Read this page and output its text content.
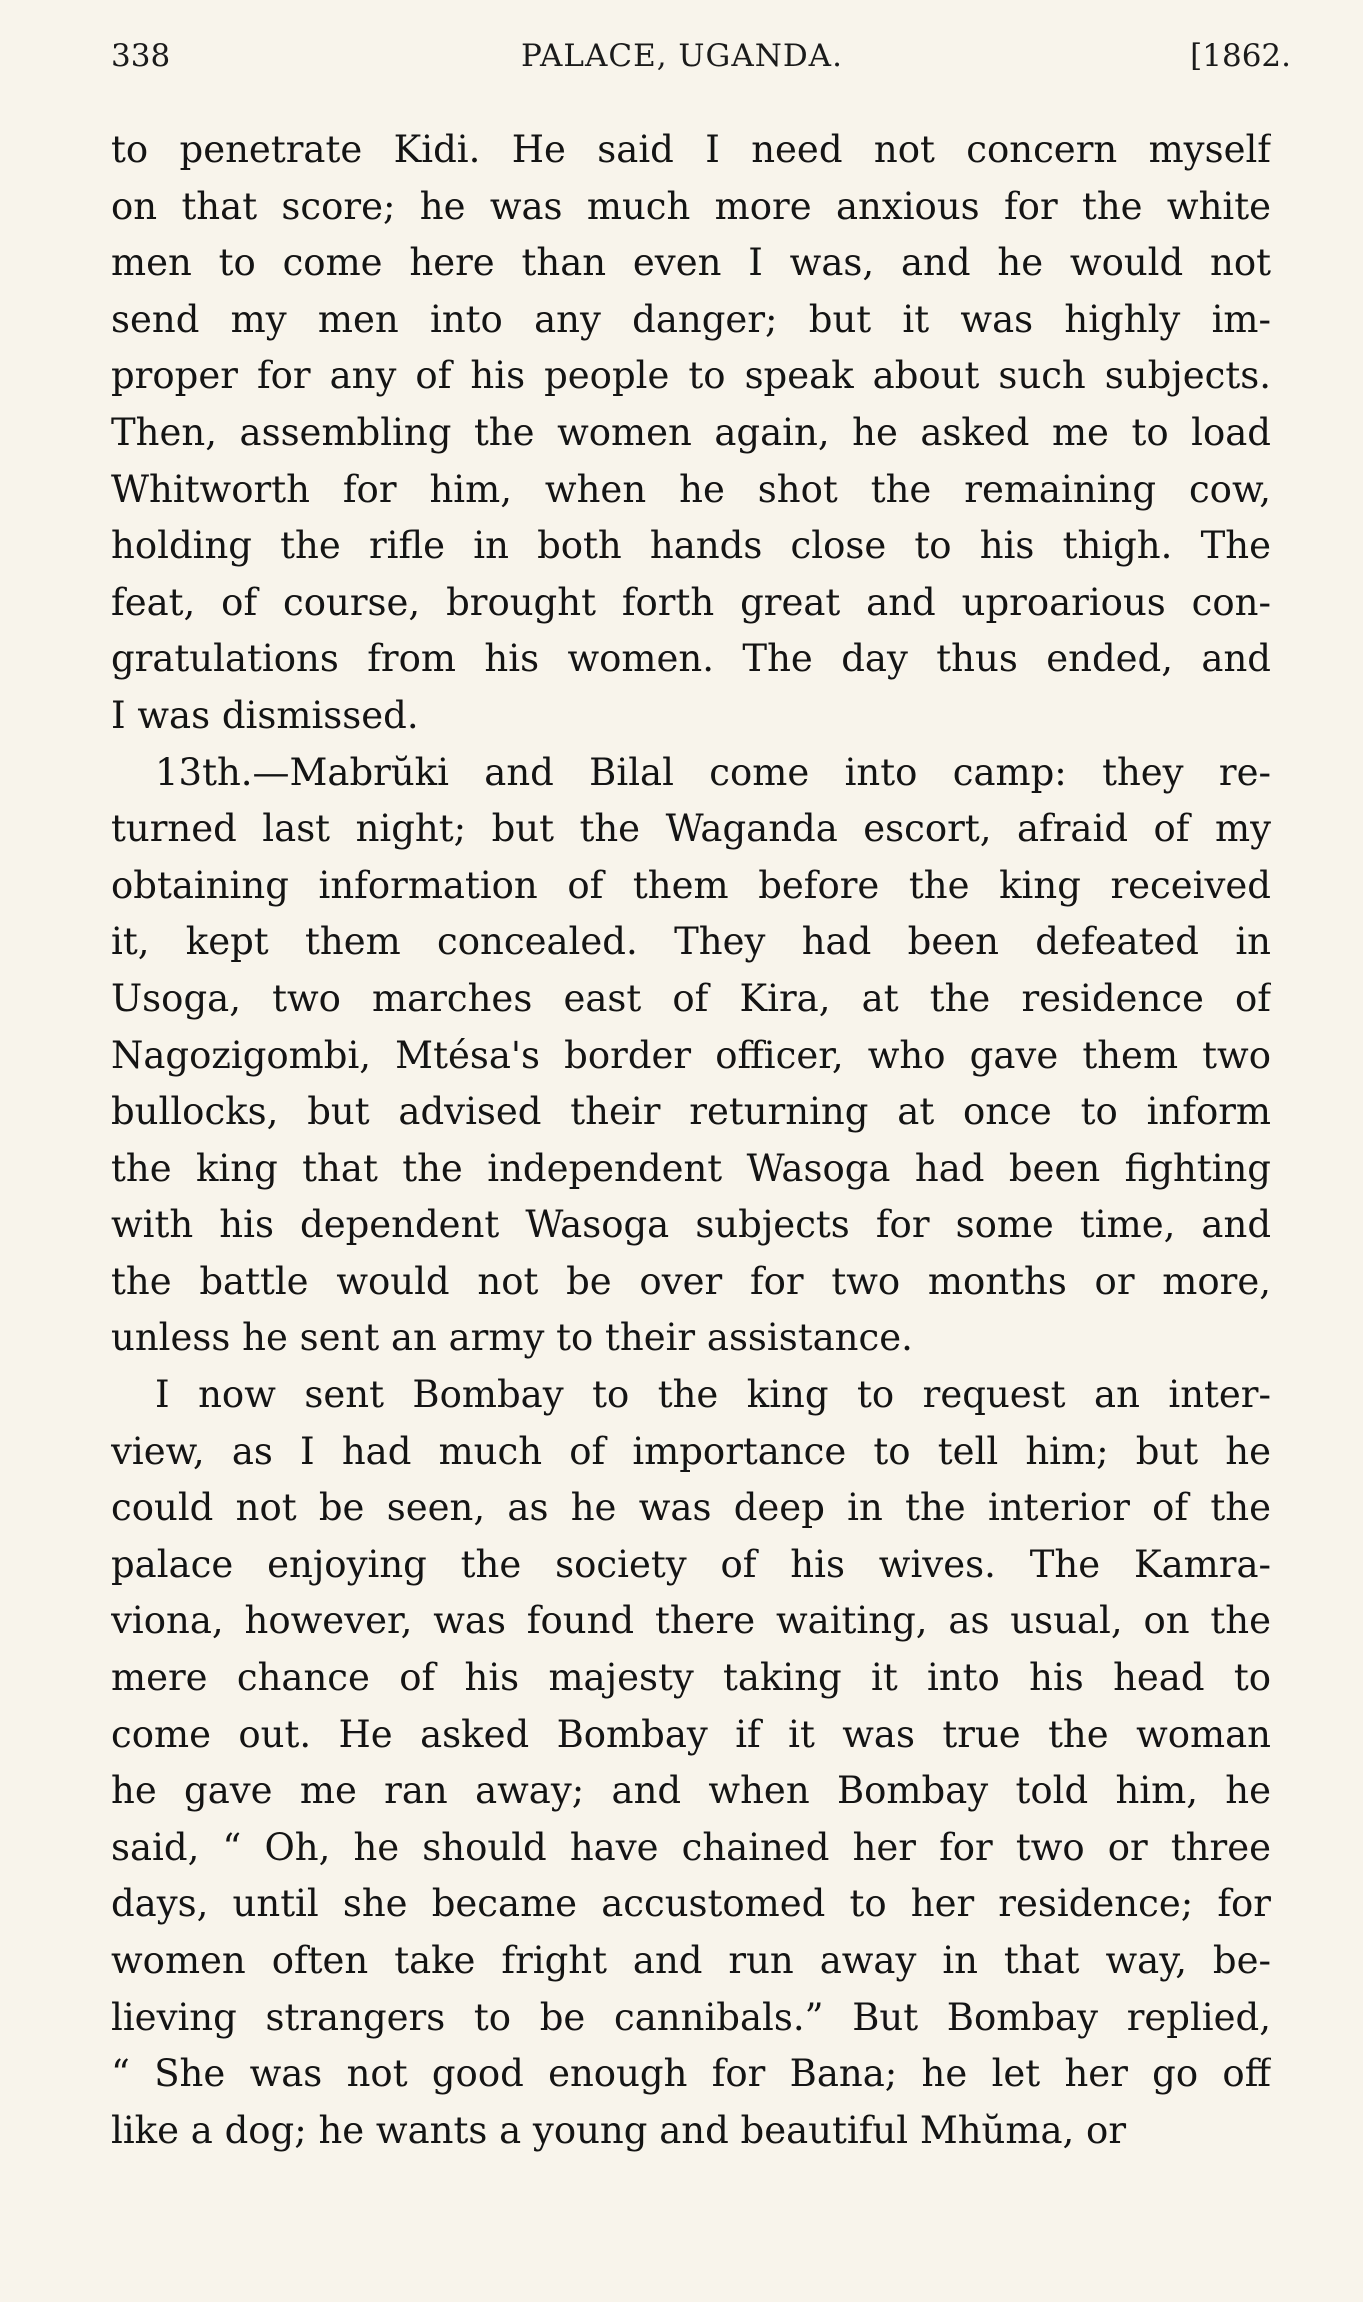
338	PALACE, UGANDA.	[1862.
to penetrate Kidi. He said I need not concern myself
on that score; he was much more anxious for the white
men to come here than even I was, and he would not
send my men into any danger; but it was highly im-
proper for any of his people to speak about such subjects.
Then, assembling the women again, he asked me to load
Whitworth for him, when he shot the remaining cow,
holding the rifle in both hands close to his thigh. The
feat, of course, brought forth great and uproarious con-
gratulations from his women. The day thus ended, and
I was dismissed.
13th.—Mabrŭki and Bilal come into camp: they re-
turned last night; but the Waganda escort, afraid of my
obtaining information of them before the king received
it, kept them concealed. They had been defeated in
Usoga, two marches east of Kira, at the residence of
Nagozigombi, Mtésa's border officer, who gave them two
bullocks, but advised their returning at once to inform
the king that the independent Wasoga had been fighting
with his dependent Wasoga subjects for some time, and
the battle would not be over for two months or more,
unless he sent an army to their assistance.
I now sent Bombay to the king to request an inter-
view, as I had much of importance to tell him; but he
could not be seen, as he was deep in the interior of the
palace enjoying the society of his wives. The Kamra-
viona, however, was found there waiting, as usual, on the
mere chance of his majesty taking it into his head to
come out. He asked Bombay if it was true the woman
he gave me ran away; and when Bombay told him, he
said, “ Oh, he should have chained her for two or three
days, until she became accustomed to her residence; for
women often take fright and run away in that way, be-
lieving strangers to be cannibals.” But Bombay replied,
“ She was not good enough for Bana; he let her go off
like a dog; he wants a young and beautiful Mhŭma, or
